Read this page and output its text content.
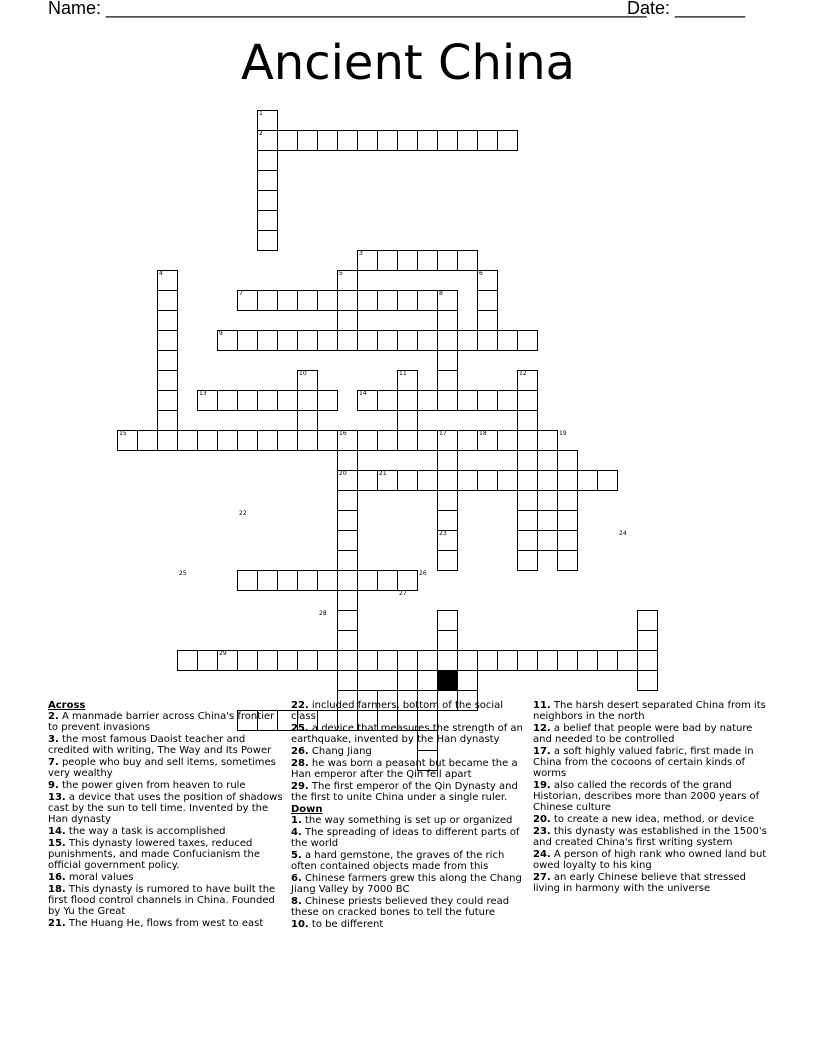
Name: ______________________________________________________
Date: _______
Ancient China
1
2
3
4	5	6
7	8
9
10	11	12
13	14
15	16	17	18	19
20	21
22
23	24
25	26
27
28
29
Across
2. A manmade barrier across China's frontier to prevent invasions
3. the most famous Daoist teacher and credited with writing, The Way and Its Power
7. people who buy and sell items, sometimes very wealthy
9. the power given from heaven to rule
13. a device that uses the position of shadows cast by the sun to tell time. Invented by the Han dynasty
14. the way a task is accomplished
15. This dynasty lowered taxes, reduced punishments, and made Confucianism the official government policy.
16. moral values
18. This dynasty is rumored to have built the first flood control channels in China. Founded by Yu the Great
21. The Huang He, flows from west to east
22. included farmers, bottom of the social class
25. a device that measures the strength of an earthquake, invented by the Han dynasty
26. Chang Jiang
28. he was born a peasant but became the a Han emperor after the Qin fell apart
29. The first emperor of the Qin Dynasty and the first to unite China under a single ruler.
Down
1. the way something is set up or organized
4. The spreading of ideas to different parts of the world
5. a hard gemstone, the graves of the rich often contained objects made from this
6. Chinese farmers grew this along the Chang Jiang Valley by 7000 BC
8. Chinese priests believed they could read these on cracked bones to tell the future
10. to be different
11. The harsh desert separated China from its neighbors in the north
12. a belief that people were bad by nature and needed to be controlled
17. a soft highly valued fabric, first made in China from the cocoons of certain kinds of worms
19. also called the records of the grand Historian, describes more than 2000 years of Chinese culture
20. to create a new idea, method, or device
23. this dynasty was established in the 1500's and created China's first writing system
24. A person of high rank who owned land but owed loyalty to his king
27. an early Chinese believe that stressed living in harmony with the universe
